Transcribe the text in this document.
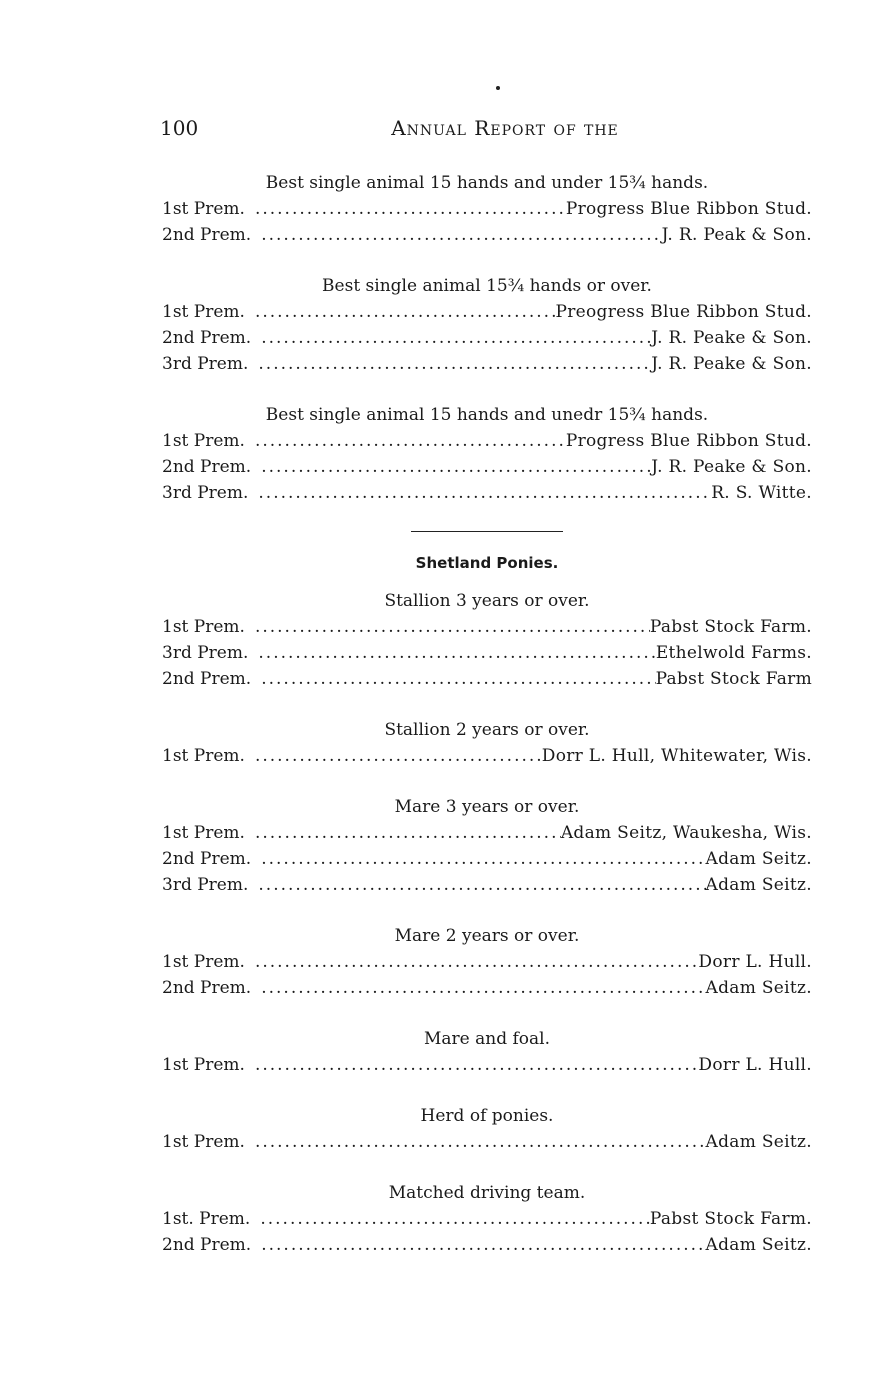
100	Annual Report of the
Best single animal 15 hands and under 15¾ hands.
1st Prem. .....	Progress Blue Ribbon Stud.
2nd Prem. .....	J. R. Peak & Son.
Best single animal 15¾ hands or over.
1st Prem. .....	Preogress Blue Ribbon Stud.
2nd Prem. .....	J. R. Peake & Son.
3rd Prem. .....	J. R. Peake & Son.
Best single animal 15 hands and unedr 15¾ hands.
1st Prem. .....	Progress Blue Ribbon Stud.
2nd Prem. .....	J. R. Peake & Son.
3rd Prem. .....	R. S. Witte.
Shetland Ponies.
Stallion 3 years or over.
1st Prem. .....	Pabst Stock Farm.
3rd Prem. .....	Ethelwold Farms.
2nd Prem. .....	Pabst Stock Farm
Stallion 2 years or over.
1st Prem. .....	Dorr L. Hull, Whitewater, Wis.
Mare 3 years or over.
1st Prem. .....	Adam Seitz, Waukesha, Wis.
2nd Prem. .....	Adam Seitz.
3rd Prem. .....	Adam Seitz.
Mare 2 years or over.
1st Prem. .....	Dorr L. Hull.
2nd Prem. .....	Adam Seitz.
Mare and foal.
1st Prem. .....	Dorr L. Hull.
Herd of ponies.
1st Prem. .....	Adam Seitz.
Matched driving team.
1st. Prem. .....	Pabst Stock Farm.
2nd Prem. .....	Adam Seitz.
